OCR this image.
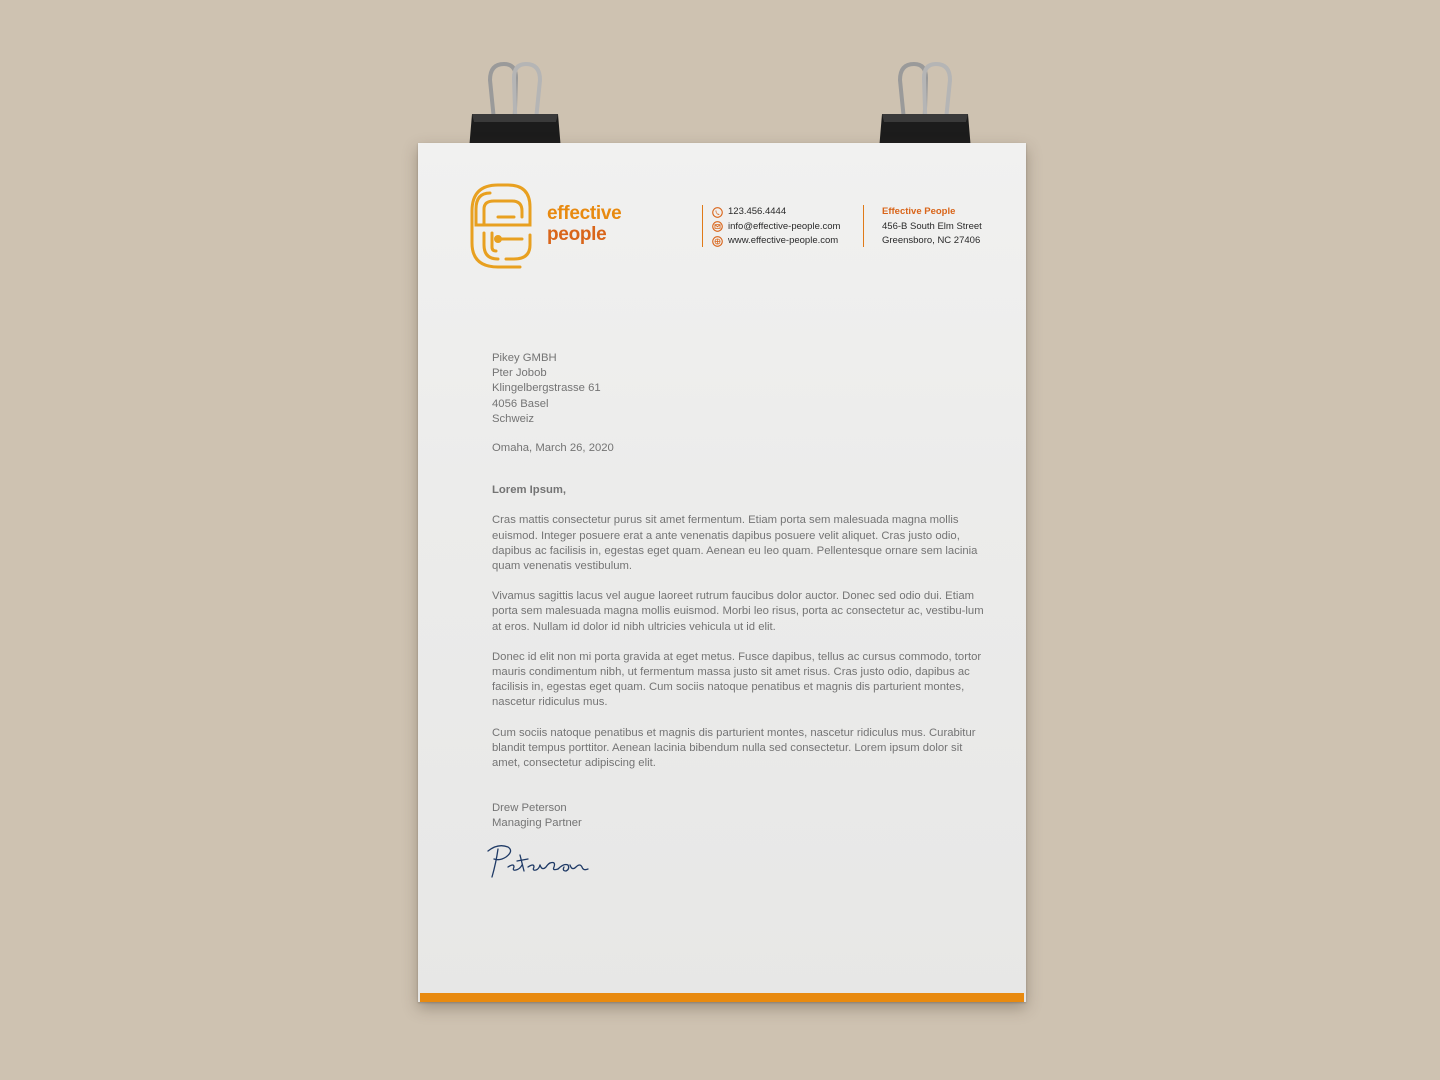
effective
people
123.456.4444
info@effective-people.com
www.effective-people.com
Effective People
456-B South Elm Street
Greensboro, NC 27406
Pikey GMBH
Pter Jobob
Klingelbergstrasse 61
4056 Basel
Schweiz
Omaha, March 26, 2020
Lorem Ipsum,
Cras mattis consectetur purus sit amet fermentum. Etiam porta sem malesuada magna mollis euismod. Integer posuere erat a ante venenatis dapibus posuere velit aliquet. Cras justo odio, dapibus ac facilisis in, egestas eget quam. Aenean eu leo quam. Pellentesque ornare sem lacinia quam venenatis vestibulum.
Vivamus sagittis lacus vel augue laoreet rutrum faucibus dolor auctor. Donec sed odio dui. Etiam porta sem malesuada magna mollis euismod. Morbi leo risus, porta ac consectetur ac, vestibu-lum at eros. Nullam id dolor id nibh ultricies vehicula ut id elit.
Donec id elit non mi porta gravida at eget metus. Fusce dapibus, tellus ac cursus commodo, tortor mauris condimentum nibh, ut fermentum massa justo sit amet risus. Cras justo odio, dapibus ac facilisis in, egestas eget quam. Cum sociis natoque penatibus et magnis dis parturient montes, nascetur ridiculus mus.
Cum sociis natoque penatibus et magnis dis parturient montes, nascetur ridiculus mus. Curabitur blandit tempus porttitor. Aenean lacinia bibendum nulla sed consectetur. Lorem ipsum dolor sit amet, consectetur adipiscing elit.
Drew Peterson
Managing Partner
